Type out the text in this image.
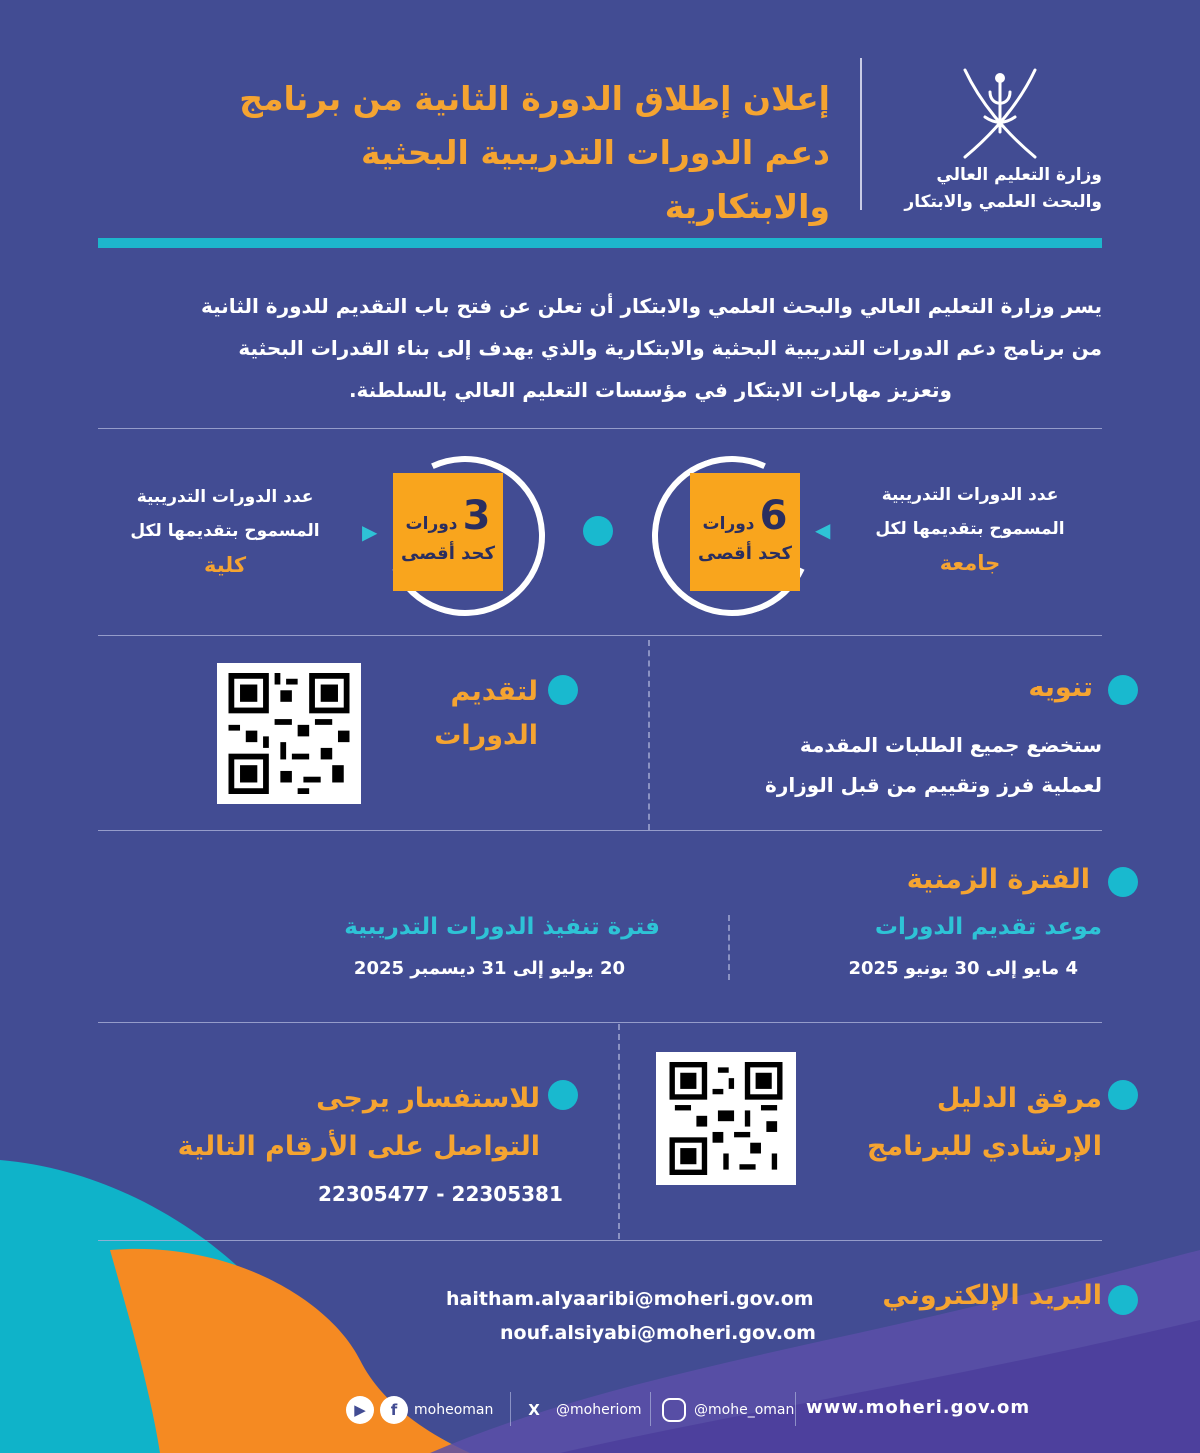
وزارة التعليم العالي
والبحث العلمي والابتكار
إعلان إطلاق الدورة الثانية من برنامج
دعم الدورات التدريبية البحثية
والابتكارية
يسر وزارة التعليم العالي والبحث العلمي والابتكار أن تعلن عن فتح باب التقديم للدورة الثانية
من برنامج دعم الدورات التدريبية البحثية والابتكارية والذي يهدف إلى بناء القدرات البحثية
وتعزيز مهارات الابتكار في مؤسسات التعليم العالي بالسلطنة.
عدد الدورات التدريبية
المسموح بتقديمها لكل
جامعة
◀
6 دورات
كحد أقصى
3 دورات
كحد أقصى
▶
عدد الدورات التدريبية
المسموح بتقديمها لكل
كلية
تنويه
ستخضع جميع الطلبات المقدمة
لعملية فرز وتقييم من قبل الوزارة
لتقديم
الدورات
الفترة الزمنية
موعد تقديم الدورات
4 مايو إلى 30 يونيو 2025
فترة تنفيذ الدورات التدريبية
20 يوليو إلى 31 ديسمبر 2025
مرفق الدليل
الإرشادي للبرنامج
للاستفسار يرجى
التواصل على الأرقام التالية
22305477 - 22305381
البريد الإلكتروني
haitham.alyaaribi@moheri.gov.om
nouf.alsiyabi@moheri.gov.om
www.moheri.gov.om
@mohe_oman
X	@moheriom
▶	f	moheoman
